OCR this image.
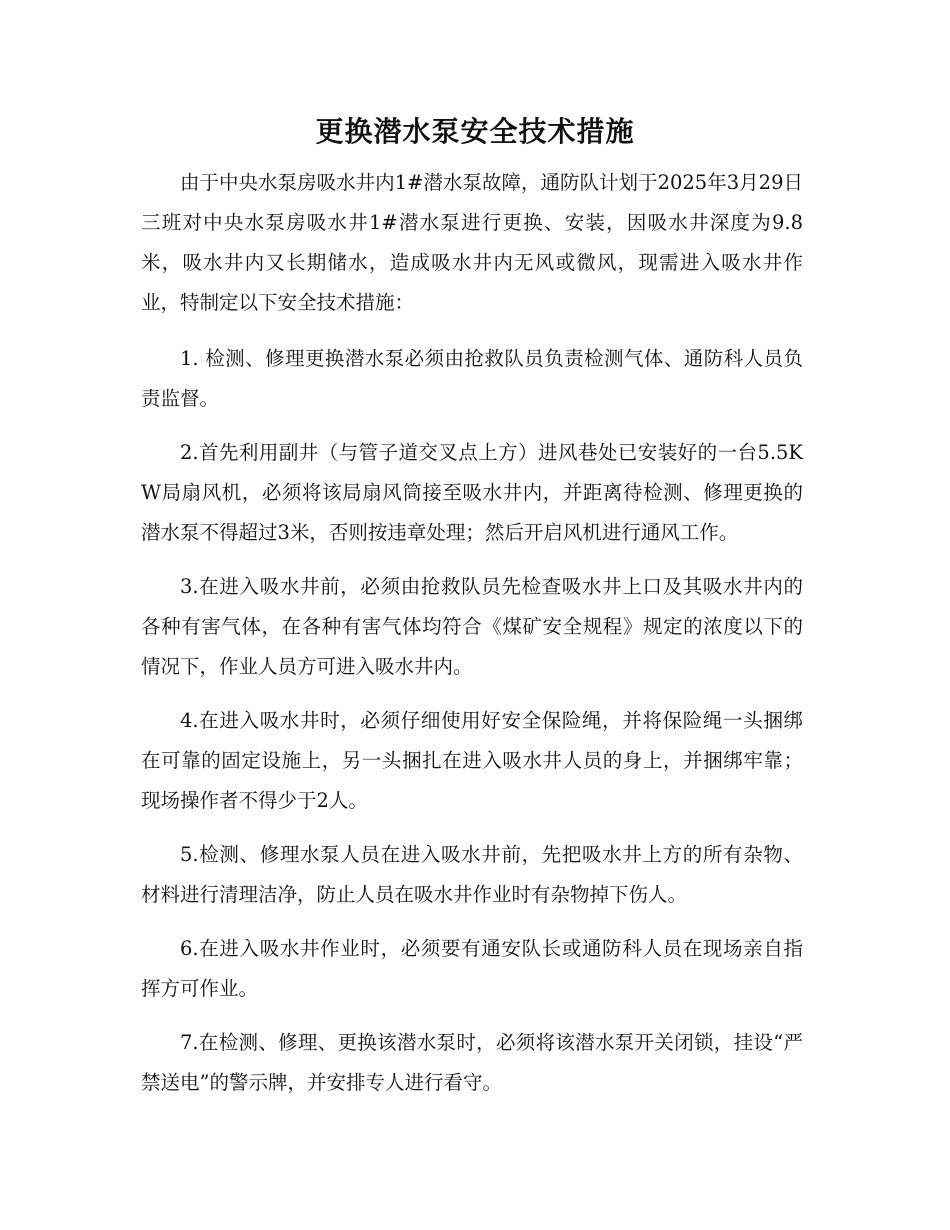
更换潜水泵安全技术措施

由于中央水泵房吸水井内1#潜水泵故障，通防队计划于2025年3月29日三班对中央水泵房吸水井1#潜水泵进行更换、安装，因吸水井深度为9.8米，吸水井内又长期储水，造成吸水井内无风或微风，现需进入吸水井作业，特制定以下安全技术措施：

1. 检测、修理更换潜水泵必须由抢救队员负责检测气体、通防科人员负责监督。

2.首先利用副井（与管子道交叉点上方）进风巷处已安装好的一台5.5KW局扇风机，必须将该局扇风筒接至吸水井内，并距离待检测、修理更换的潜水泵不得超过3米，否则按违章处理；然后开启风机进行通风工作。

3.在进入吸水井前，必须由抢救队员先检查吸水井上口及其吸水井内的各种有害气体，在各种有害气体均符合《煤矿安全规程》规定的浓度以下的情况下，作业人员方可进入吸水井内。

4.在进入吸水井时，必须仔细使用好安全保险绳，并将保险绳一头捆绑在可靠的固定设施上，另一头捆扎在进入吸水井人员的身上，并捆绑牢靠；现场操作者不得少于2人。

5.检测、修理水泵人员在进入吸水井前，先把吸水井上方的所有杂物、材料进行清理洁净，防止人员在吸水井作业时有杂物掉下伤人。

6.在进入吸水井作业时，必须要有通安队长或通防科人员在现场亲自指挥方可作业。

7.在检测、修理、更换该潜水泵时，必须将该潜水泵开关闭锁，挂设“严禁送电”的警示牌，并安排专人进行看守。
